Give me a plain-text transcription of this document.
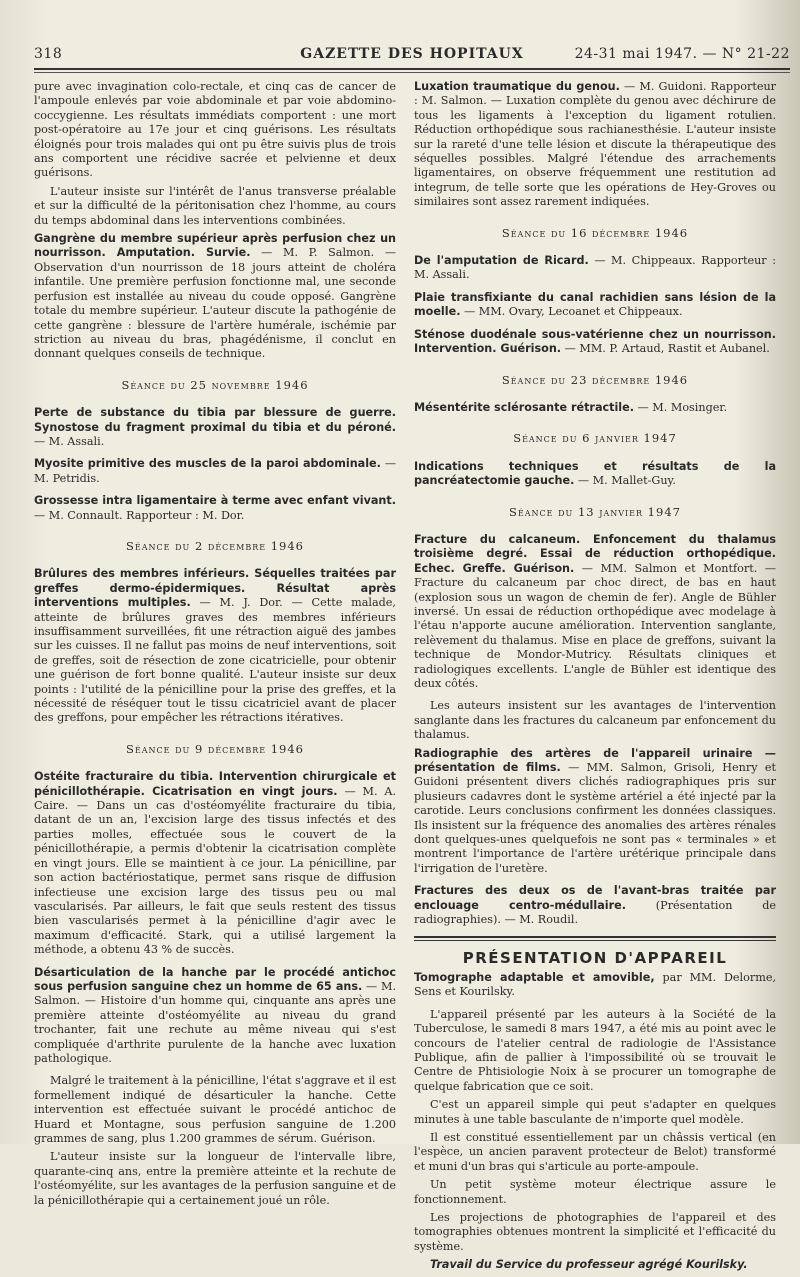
318	GAZETTE DES HOPITAUX	24-31 mai 1947. — N° 21-22

pure avec invagination colo-rectale, et cinq cas de cancer de l'ampoule enlevés par voie abdominale et par voie abdomino-coccygienne. Les résultats immédiats comportent : une mort post-opératoire au 17e jour et cinq guérisons. Les résultats éloignés pour trois malades qui ont pu être suivis plus de trois ans comportent une récidive sacrée et pelvienne et deux guérisons.

L'auteur insiste sur l'intérêt de l'anus transverse préalable et sur la difficulté de la péritonisation chez l'homme, au cours du temps abdominal dans les interventions combinées.

Gangrène du membre supérieur après perfusion chez un nourrisson. Amputation. Survie. — M. P. Salmon. — Observation d'un nourrisson de 18 jours atteint de choléra infantile. Une première perfusion fonctionne mal, une seconde perfusion est installée au niveau du coude opposé. Gangrène totale du membre supérieur. L'auteur discute la pathogénie de cette gangrène : blessure de l'artère humérale, ischémie par striction au niveau du bras, phagédénisme, il conclut en donnant quelques conseils de technique.
Séance du 25 novembre 1946
Perte de substance du tibia par blessure de guerre. Synostose du fragment proximal du tibia et du péroné. — M. Assali.
Myosite primitive des muscles de la paroi abdominale. — M. Petridis.
Grossesse intra ligamentaire à terme avec enfant vivant. — M. Connault. Rapporteur : M. Dor.
Séance du 2 décembre 1946
Brûlures des membres inférieurs. Séquelles traitées par greffes dermo-épidermiques. Résultat après interventions multiples. — M. J. Dor. — Cette malade, atteinte de brûlures graves des membres inférieurs insuffisamment surveillées, fit une rétraction aiguë des jambes sur les cuisses. Il ne fallut pas moins de neuf interventions, soit de greffes, soit de résection de zone cicatricielle, pour obtenir une guérison de fort bonne qualité. L'auteur insiste sur deux points : l'utilité de la pénicilline pour la prise des greffes, et la nécessité de réséquer tout le tissu cicatriciel avant de placer des greffons, pour empêcher les rétractions itératives.
Séance du 9 décembre 1946
Ostéite fracturaire du tibia. Intervention chirurgicale et pénicillothérapie. Cicatrisation en vingt jours. — M. A. Caire. — Dans un cas d'ostéomyélite fracturaire du tibia, datant de un an, l'excision large des tissus infectés et des parties molles, effectuée sous le couvert de la pénicillothérapie, a permis d'obtenir la cicatrisation complète en vingt jours. Elle se maintient à ce jour. La pénicilline, par son action bactériostatique, permet sans risque de diffusion infectieuse une excision large des tissus peu ou mal vascularisés. Par ailleurs, le fait que seuls restent des tissus bien vascularisés permet à la pénicilline d'agir avec le maximum d'efficacité. Stark, qui a utilisé largement la méthode, a obtenu 43 % de succès.
Désarticulation de la hanche par le procédé antichoc sous perfusion sanguine chez un homme de 65 ans. — M. Salmon. — Histoire d'un homme qui, cinquante ans après une première atteinte d'ostéomyélite au niveau du grand trochanter, fait une rechute au même niveau qui s'est compliquée d'arthrite purulente de la hanche avec luxation pathologique.

Malgré le traitement à la pénicilline, l'état s'aggrave et il est formellement indiqué de désarticuler la hanche. Cette intervention est effectuée suivant le procédé antichoc de Huard et Montagne, sous perfusion sanguine de 1.200 grammes de sang, plus 1.200 grammes de sérum. Guérison.

L'auteur insiste sur la longueur de l'intervalle libre, quarante-cinq ans, entre la première atteinte et la rechute de l'ostéomyélite, sur les avantages de la perfusion sanguine et de la pénicillothérapie qui a certainement joué un rôle.

Luxation traumatique du genou. — M. Guidoni. Rapporteur : M. Salmon. — Luxation complète du genou avec déchirure de tous les ligaments à l'exception du ligament rotulien. Réduction orthopédique sous rachianesthésie. L'auteur insiste sur la rareté d'une telle lésion et discute la thérapeutique des séquelles possibles. Malgré l'étendue des arrachements ligamentaires, on observe fréquemment une restitution ad integrum, de telle sorte que les opérations de Hey-Groves ou similaires sont assez rarement indiquées.
Séance du 16 décembre 1946
De l'amputation de Ricard. — M. Chippeaux. Rapporteur : M. Assali.
Plaie transfixiante du canal rachidien sans lésion de la moelle. — MM. Ovary, Lecoanet et Chippeaux.
Sténose duodénale sous-vatérienne chez un nourrisson. Intervention. Guérison. — MM. P. Artaud, Rastit et Aubanel.
Séance du 23 décembre 1946
Mésentérite sclérosante rétractile. — M. Mosinger.
Séance du 6 janvier 1947
Indications techniques et résultats de la pancréatectomie gauche. — M. Mallet-Guy.
Séance du 13 janvier 1947
Fracture du calcaneum. Enfoncement du thalamus troisième degré. Essai de réduction orthopédique. Echec. Greffe. Guérison. — MM. Salmon et Montfort. — Fracture du calcaneum par choc direct, de bas en haut (explosion sous un wagon de chemin de fer). Angle de Bühler inversé. Un essai de réduction orthopédique avec modelage à l'étau n'apporte aucune amélioration. Intervention sanglante, relèvement du thalamus. Mise en place de greffons, suivant la technique de Mondor-Mutricy. Résultats cliniques et radiologiques excellents. L'angle de Bühler est identique des deux côtés.

Les auteurs insistent sur les avantages de l'intervention sanglante dans les fractures du calcaneum par enfoncement du thalamus.

Radiographie des artères de l'appareil urinaire — présentation de films. — MM. Salmon, Grisoli, Henry et Guidoni présentent divers clichés radiographiques pris sur plusieurs cadavres dont le système artériel a été injecté par la carotide. Leurs conclusions confirment les données classiques. Ils insistent sur la fréquence des anomalies des artères rénales dont quelques-unes quelquefois ne sont pas « terminales » et montrent l'importance de l'artère urétérique principale dans l'irrigation de l'uretère.
Fractures des deux os de l'avant-bras traitée par enclouage centro-médullaire.	(Présentation de radiographies). — M. Roudil.
PRÉSENTATION D'APPAREIL
Tomographe adaptable et amovible, par MM. Delorme, Sens et Kourilsky.

L'appareil présenté par les auteurs à la Société de la Tuberculose, le samedi 8 mars 1947, a été mis au point avec le concours de l'atelier central de radiologie de l'Assistance Publique, afin de pallier à l'impossibilité où se trouvait le Centre de Phtisiologie Noix à se procurer un tomographe de quelque fabrication que ce soit.

C'est un appareil simple qui peut s'adapter en quelques minutes à une table basculante de n'importe quel modèle.

Il est constitué essentiellement par un châssis vertical (en l'espèce, un ancien paravent protecteur de Belot) transformé et muni d'un bras qui s'articule au porte-ampoule.

Un petit système moteur électrique assure le fonctionnement.

Les projections de photographies de l'appareil et des tomographies obtenues montrent la simplicité et l'efficacité du système.

Travail du Service du professeur agrégé Kourilsky.
